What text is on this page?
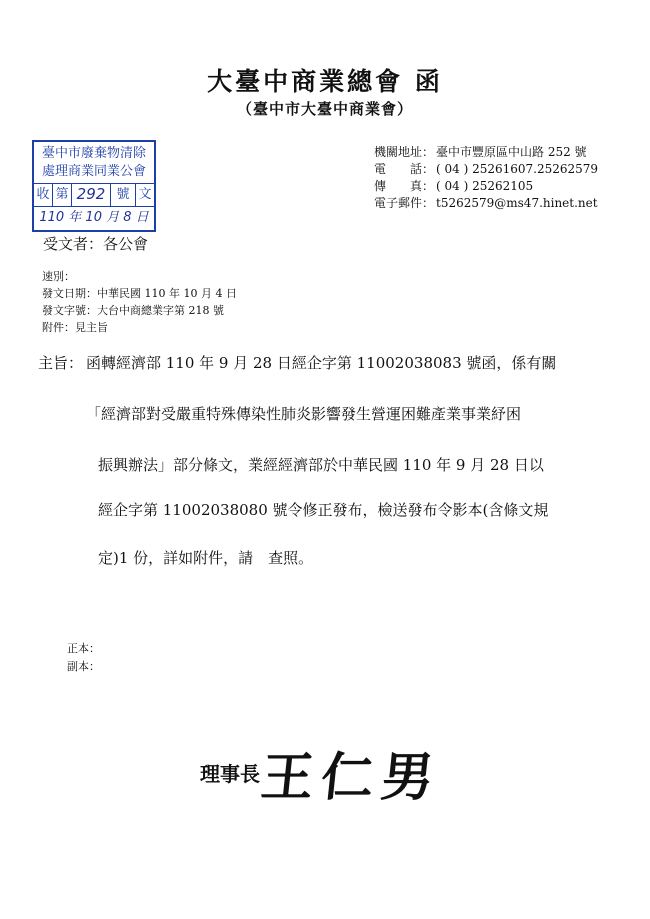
大臺中商業總會 函
（臺中市大臺中商業會）
臺中市廢棄物清除
處理商業同業公會
收 第 292 號 文
110 年 10 月 8 日
機關地址： 臺中市豐原區中山路 252 號
電　　話： ( 04 ) 25261607.25262579
傳　　真： ( 04 ) 25262105
電子郵件： t5262579@ms47.hinet.net
受文者：各公會
速別：
發文日期：中華民國 110 年 10 月 4 日
發文字號：大台中商總業字第 218 號
附件：見主旨
主旨： 函轉經濟部 110 年 9 月 28 日經企字第 11002038083 號函，係有關
「經濟部對受嚴重特殊傳染性肺炎影響發生營運困難產業事業紓困
振興辦法」部分條文，業經經濟部於中華民國 110 年 9 月 28 日以
經企字第 11002038080 號令修正發布，檢送發布令影本(含條文規
定)1 份，詳如附件，請　查照。
正本：
副本：
理事長
王仁男
